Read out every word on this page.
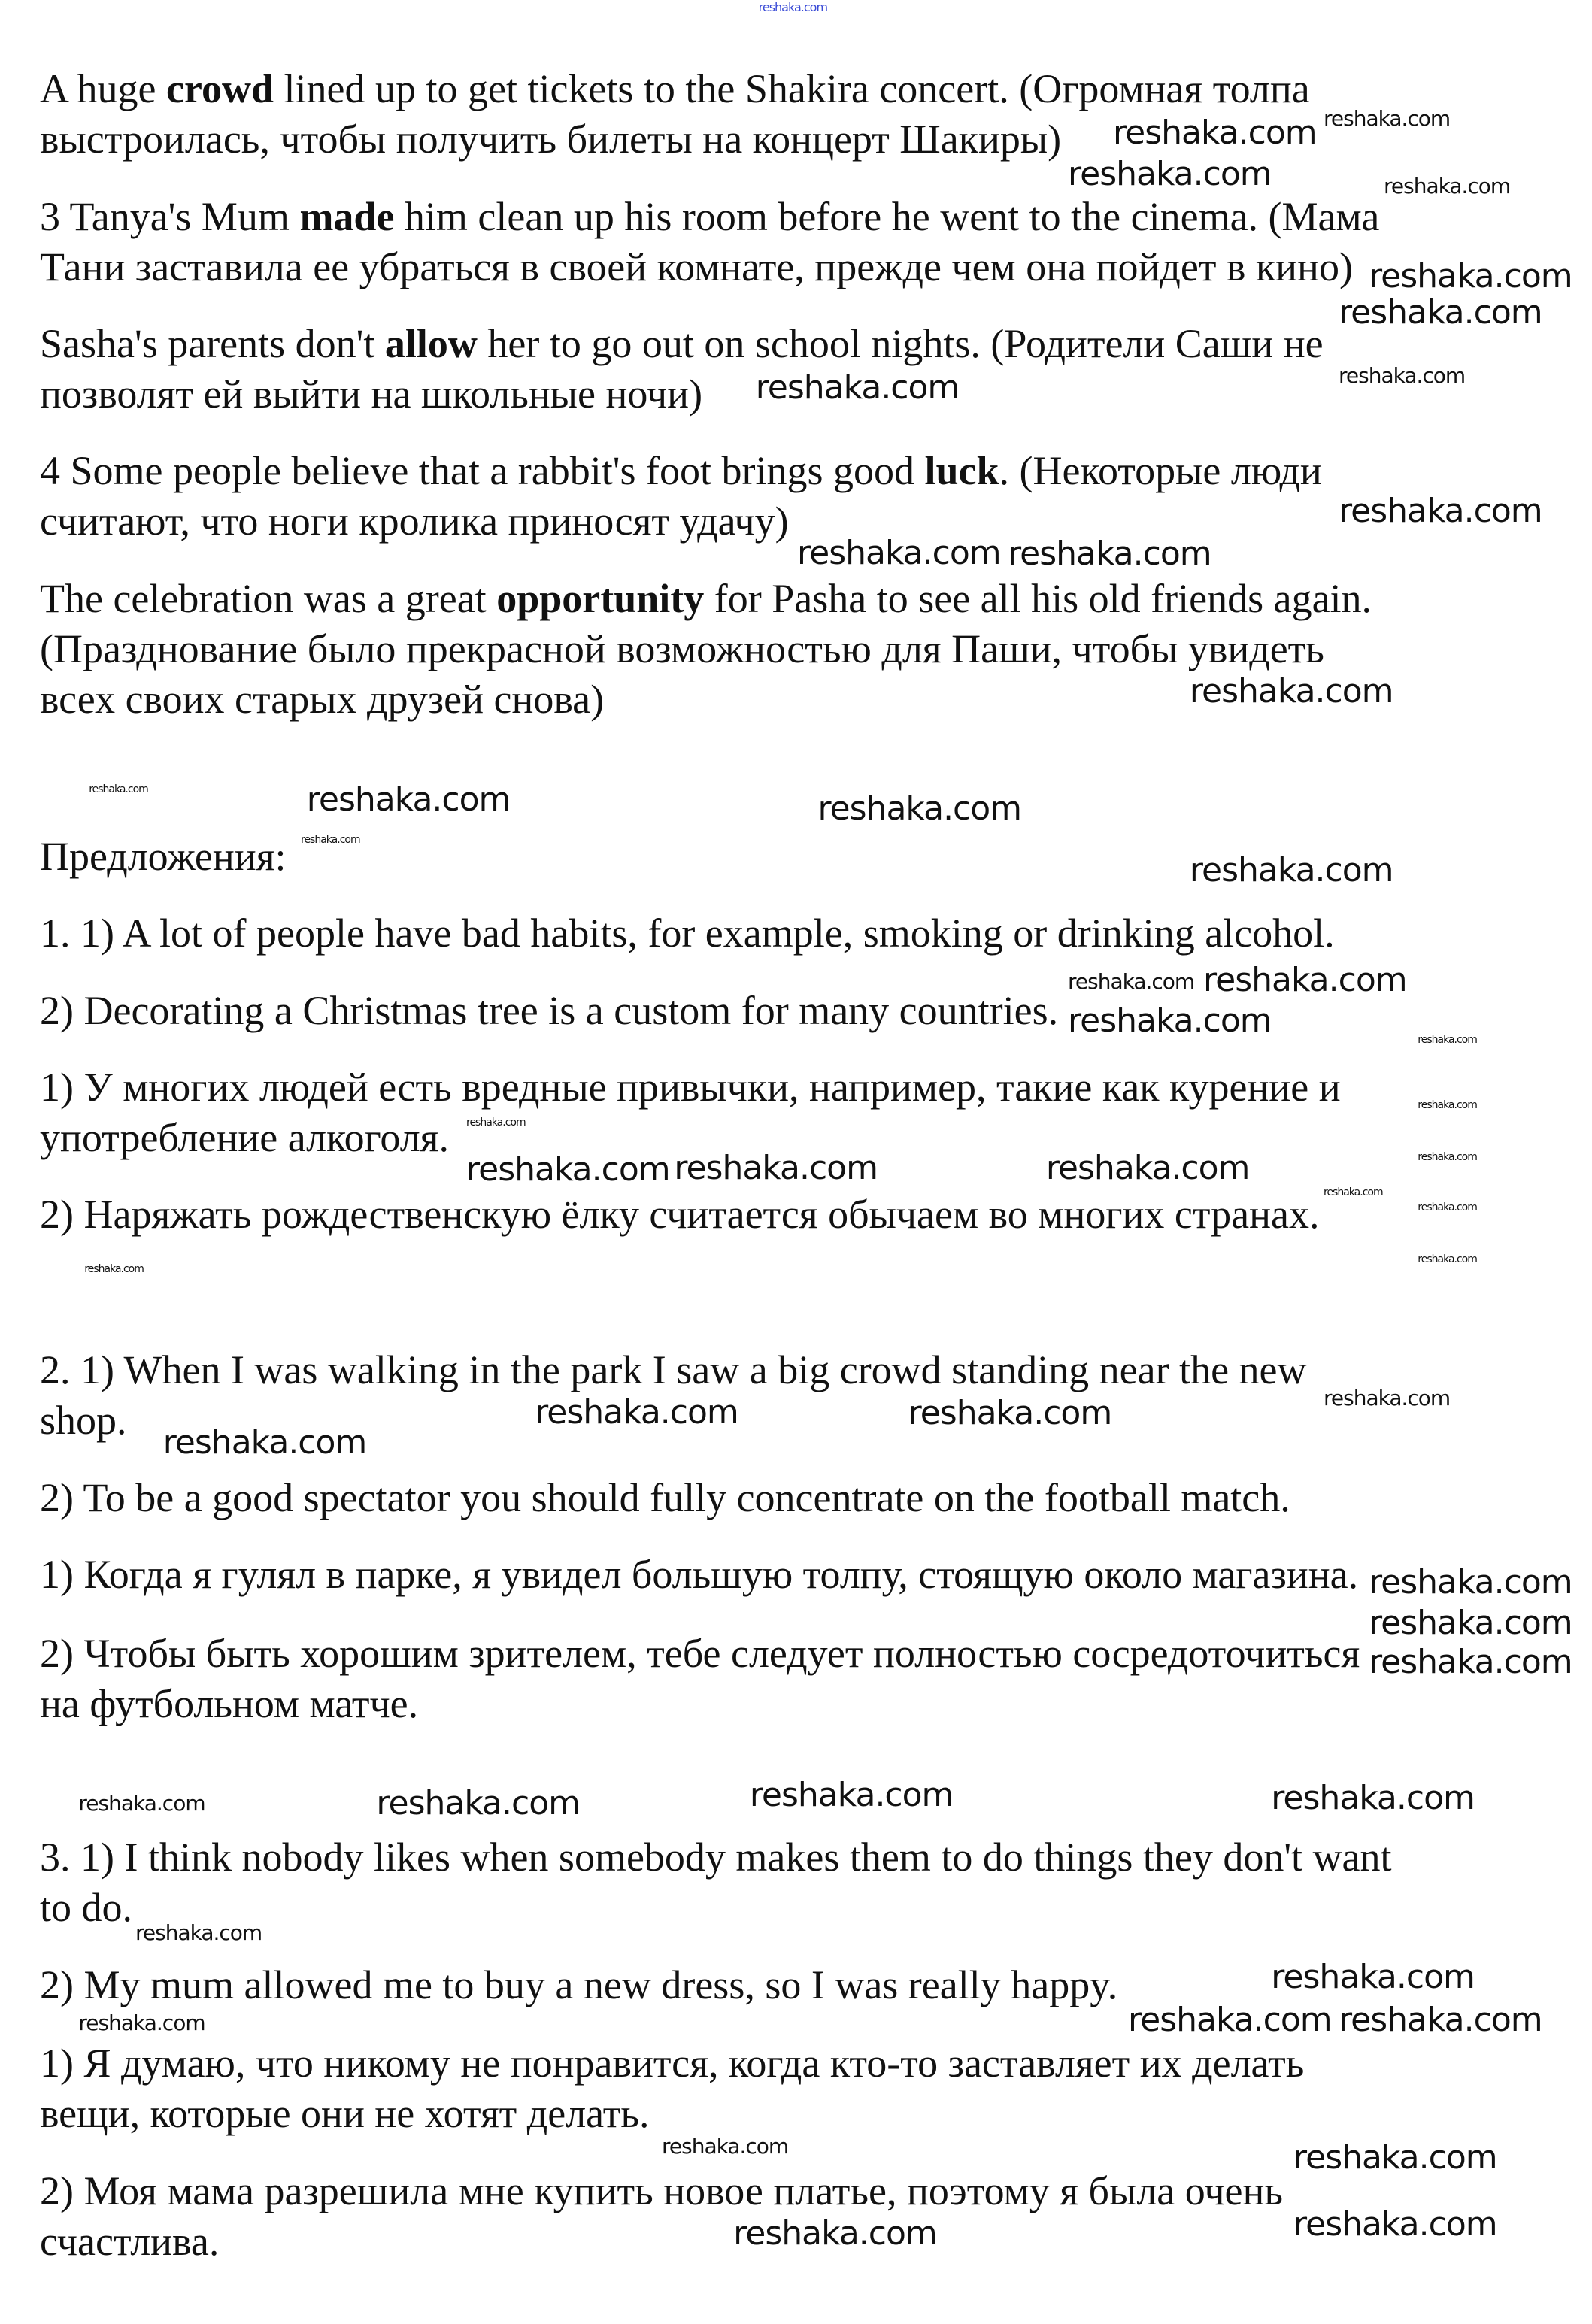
A huge crowd lined up to get tickets to the Shakira concert. (Огромная толпа
выстроилась, чтобы получить билеты на концерт Шакиры)
3 Tanya's Mum made him clean up his room before he went to the cinema. (Мама
Тани заставила ее убраться в своей комнате, прежде чем она пойдет в кино)
Sasha's parents don't allow her to go out on school nights. (Родители Саши не
позволят ей выйти на школьные ночи)
4 Some people believe that a rabbit's foot brings good luck. (Некоторые люди
считают, что ноги кролика приносят удачу)
The celebration was a great opportunity for Pasha to see all his old friends again.
(Празднование было прекрасной возможностью для Паши, чтобы увидеть
всех своих старых друзей снова)
Предложения:
1. 1) A lot of people have bad habits, for example, smoking or drinking alcohol.
2) Decorating a Christmas tree is a custom for many countries.
1) У многих людей есть вредные привычки, например, такие как курение и
употребление алкоголя.
2) Наряжать рождественскую ёлку считается обычаем во многих странах.
2. 1) When I was walking in the park I saw a big crowd standing near the new
shop.
2) To be a good spectator you should fully concentrate on the football match.
1) Когда я гулял в парке, я увидел большую толпу, стоящую около магазина.
2) Чтобы быть хорошим зрителем, тебе следует полностью сосредоточиться
на футбольном матче.
3. 1) I think nobody likes when somebody makes them to do things they don't want
to do.
2) My mum allowed me to buy a new dress, so I was really happy.
1) Я думаю, что никому не понравится, когда кто-то заставляет их делать
вещи, которые они не хотят делать.
2) Моя мама разрешила мне купить новое платье, поэтому я была очень
счастлива.
reshaka.com
reshaka.com
reshaka.com
reshaka.com	reshaka.com
reshaka.com
reshaka.com
reshaka.com
reshaka.com
reshaka.com
reshaka.com reshaka.com
reshaka.com
reshaka.com	reshaka.com	reshaka.com
reshaka.com
reshaka.com
reshaka.com reshaka.com
reshaka.com	reshaka.com
reshaka.com
reshaka.com
reshaka.com
reshaka.com	reshaka.com
reshaka.com
reshaka.com
reshaka.com
reshaka.com
reshaka.com
reshaka.com
reshaka.com	reshaka.com
reshaka.com
reshaka.com
reshaka.com
reshaka.com
reshaka.com	reshaka.com	reshaka.com	reshaka.com
reshaka.com
reshaka.com
reshaka.com	reshaka.com reshaka.com
reshaka.com	reshaka.com
reshaka.com
reshaka.com
